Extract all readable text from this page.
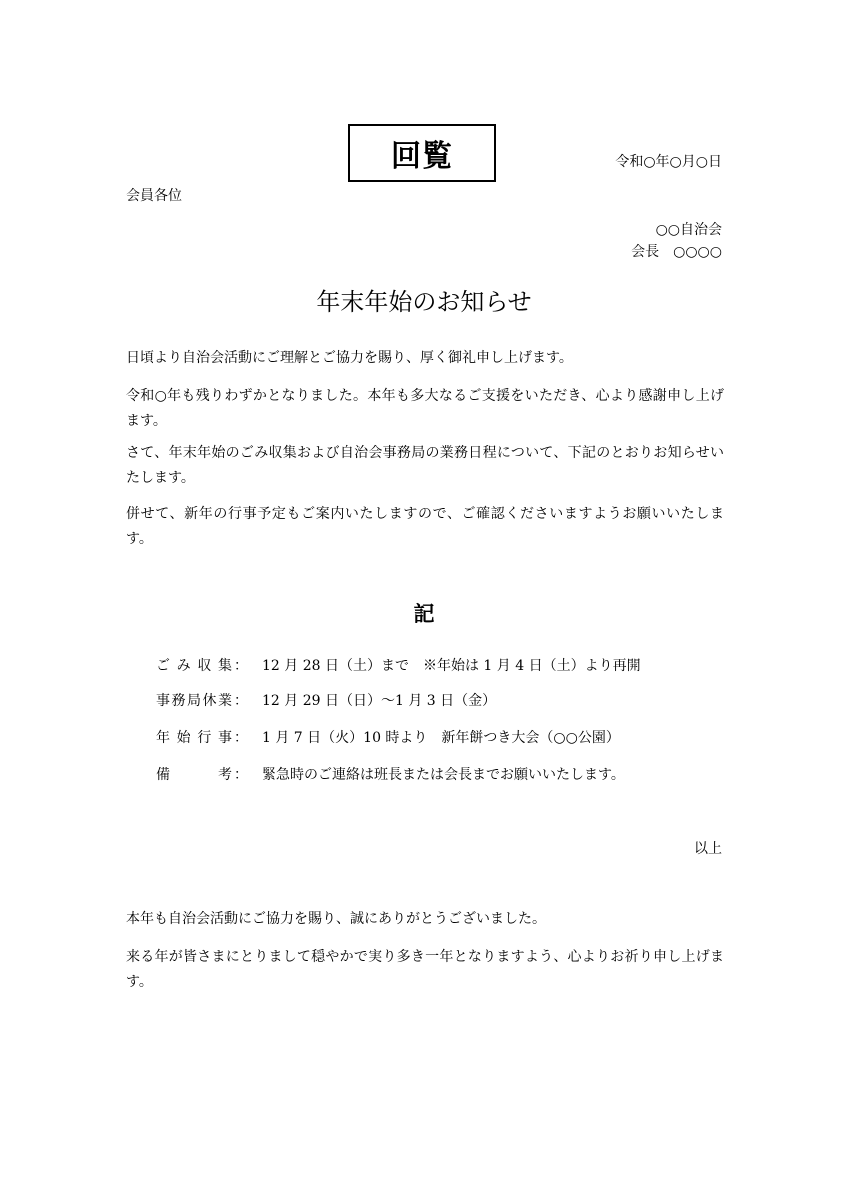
回覧	令和○年○月○日
会員各位
○○自治会
会長　○○○○
年末年始のお知らせ
日頃より自治会活動にご理解とご協力を賜り、厚く御礼申し上げます。
令和○年も残りわずかとなりました。本年も多大なるご支援をいただき、心より感謝申し上げます。
さて、年末年始のごみ収集および自治会事務局の業務日程について、下記のとおりお知らせいたします。
併せて、新年の行事予定もご案内いたしますので、ご確認くださいますようお願いいたします。
記
ご み 収 集 ： 12 月 28 日（土）まで　※年始は 1 月 4 日（土）より再開
事 務 局 休 業 ： 12 月 29 日（日）～1 月 3 日（金）
年 始 行 事 ： 1 月 7 日（火）10 時より　新年餅つき大会（○○公園）
備	考 ： 緊急時のご連絡は班長または会長までお願いいたします。
以上
本年も自治会活動にご協力を賜り、誠にありがとうございました。
来る年が皆さまにとりまして穏やかで実り多き一年となりますよう、心よりお祈り申し上げます。
